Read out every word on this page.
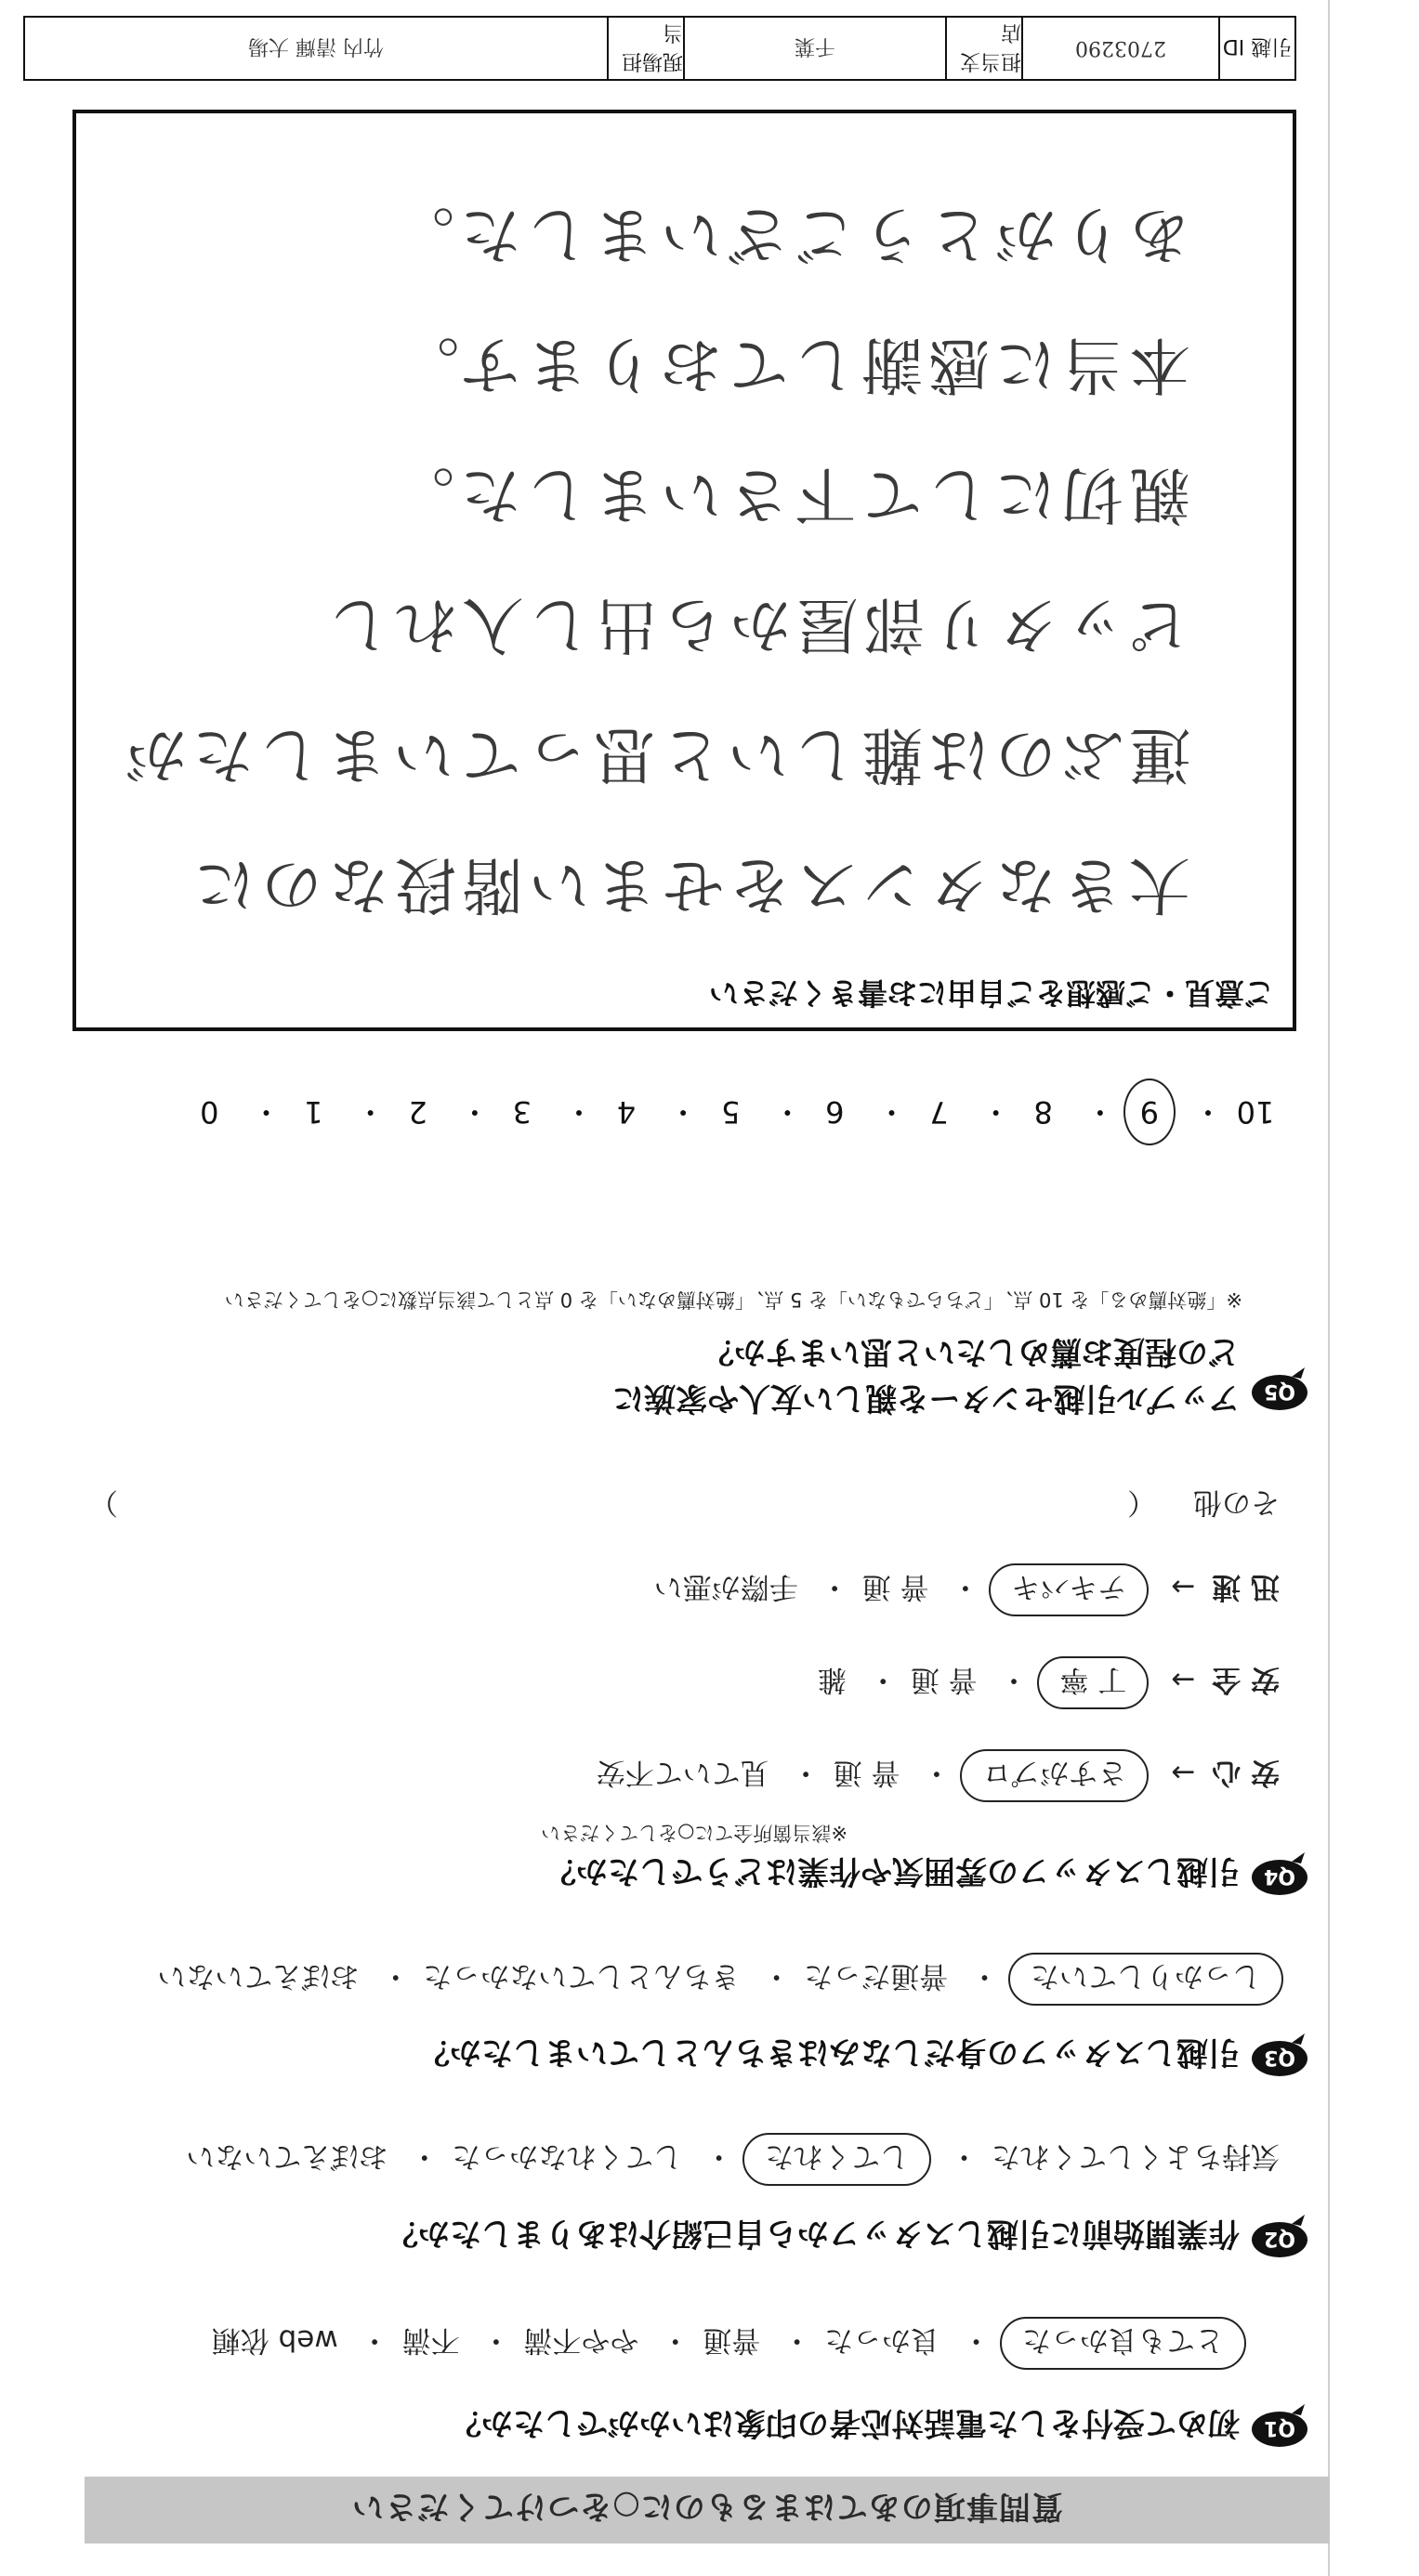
質問事項のあてはまるものに○をつけてください
Q1
初めて受付をした電話対応者の印象はいかがでしたか？
とても良かった・ 良かった・ 普通・ やや不満・ 不満・ web 依頼
Q2
作業開始前に引越しスタッフから自己紹介はありましたか？
気持ちよくしてくれた・ してくれた・ してくれなかった・ おぼえていない
Q3
引越しスタッフの身だしなみはきちんとしていましたか？
しっかりしていた・ 普通だった・ きちんとしていなかった・ おぼえていない
Q4
引越しスタッフの雰囲気や作業はどうでしたか？
※該当箇所全てに○をしてください
安 心→ さすがプロ・ 普 通・ 見ていて不安
安 全→ 丁 寧・ 普 通・ 雑
迅 速→ テキパキ・ 普 通・ 手際が悪い
その他 （
）
Q5
アップル引越センターを親しい友人や家族に
どの程度お薦めしたいと思いますか？
※「絶対薦める」を 10 点、「どちらでもない」を 5 点、「絶対薦めない」を 0 点として該当点数に○をしてください
10・ 9・ 8・ 7・ 6・ 5・ 4・ 3・ 2・ 1・ 0
ご意見・ご感想をご自由にお書きください
大きなタンスをせまい階段なのに
運ぶのは難しいと思っていましたが
ピッタリ部屋から出し入れし
親切にして下さいました。
本当に感謝しております。
ありがとうございました。
引越 ID
2703290
担当支店
千葉
現場担当
竹内 清輝 大場
